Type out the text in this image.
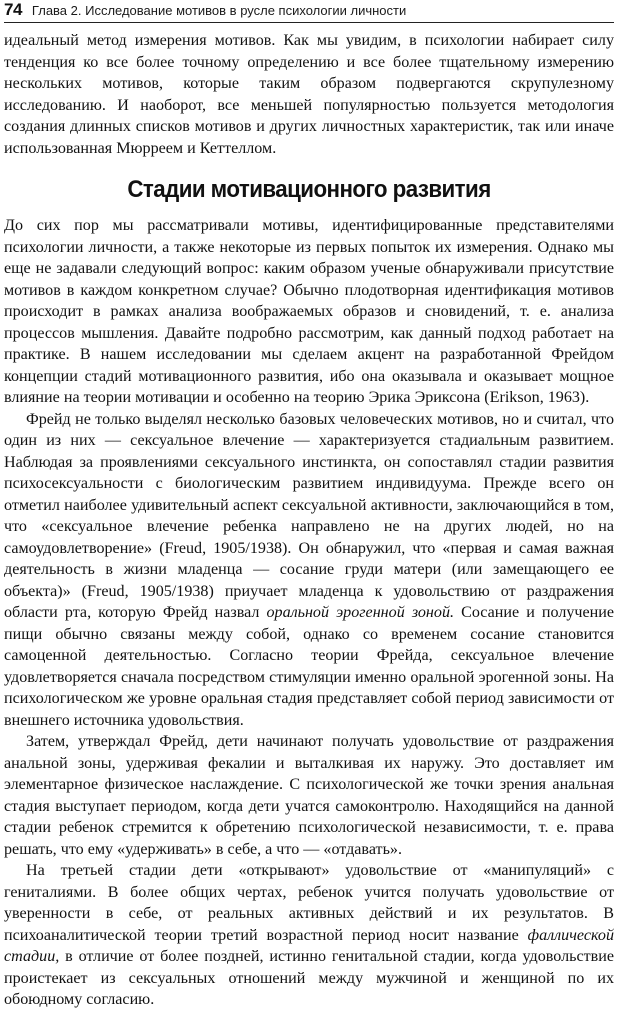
74 Глава 2. Исследование мотивов в русле психологии личности

идеальный метод измерения мотивов. Как мы увидим, в психологии набирает силу тенденция ко все более точному определению и все более тщательному измерению нескольких мотивов, которые таким образом подвергаются скрупулезному исследованию. И наоборот, все меньшей популярностью пользуется методология создания длинных списков мотивов и других личностных характеристик, так или иначе использованная Мюрреем и Кеттеллом.

Стадии мотивационного развития

До сих пор мы рассматривали мотивы, идентифицированные представителями психологии личности, а также некоторые из первых попыток их измерения. Однако мы еще не задавали следующий вопрос: каким образом ученые обнаруживали присутствие мотивов в каждом конкретном случае? Обычно плодотворная идентификация мотивов происходит в рамках анализа воображаемых образов и сновидений, т. е. анализа процессов мышления. Давайте подробно рассмотрим, как данный подход работает на практике. В нашем исследовании мы сделаем акцент на разработанной Фрейдом концепции стадий мотивационного развития, ибо она оказывала и оказывает мощное влияние на теории мотивации и особенно на теорию Эрика Эриксона (Erikson, 1963).

Фрейд не только выделял несколько базовых человеческих мотивов, но и считал, что один из них — сексуальное влечение — характеризуется стадиальным развитием. Наблюдая за проявлениями сексуального инстинкта, он сопоставлял стадии развития психосексуальности с биологическим развитием индивидуума. Прежде всего он отметил наиболее удивительный аспект сексуальной активности, заключающийся в том, что «сексуальное влечение ребенка направлено не на других людей, но на самоудовлетворение» (Freud, 1905/1938). Он обнаружил, что «первая и самая важная деятельность в жизни младенца — сосание груди матери (или замещающего ее объекта)» (Freud, 1905/1938) приучает младенца к удовольствию от раздражения области рта, которую Фрейд назвал оральной эрогенной зоной. Сосание и получение пищи обычно связаны между собой, однако со временем сосание становится самоценной деятельностью. Согласно теории Фрейда, сексуальное влечение удовлетворяется сначала посредством стимуляции именно оральной эрогенной зоны. На психологическом же уровне оральная стадия представляет собой период зависимости от внешнего источника удовольствия.

Затем, утверждал Фрейд, дети начинают получать удовольствие от раздражения анальной зоны, удерживая фекалии и выталкивая их наружу. Это доставляет им элементарное физическое наслаждение. С психологической же точки зрения анальная стадия выступает периодом, когда дети учатся самоконтролю. Находящийся на данной стадии ребенок стремится к обретению психологической независимости, т. е. права решать, что ему «удерживать» в себе, а что — «отдавать».

На третьей стадии дети «открывают» удовольствие от «манипуляций» с гениталиями. В более общих чертах, ребенок учится получать удовольствие от уверенности в себе, от реальных активных действий и их результатов. В психоаналитической теории третий возрастной период носит название фаллической стадии, в отличие от более поздней, истинно генитальной стадии, когда удовольствие проистекает из сексуальных отношений между мужчиной и женщиной по их обоюдному согласию.
